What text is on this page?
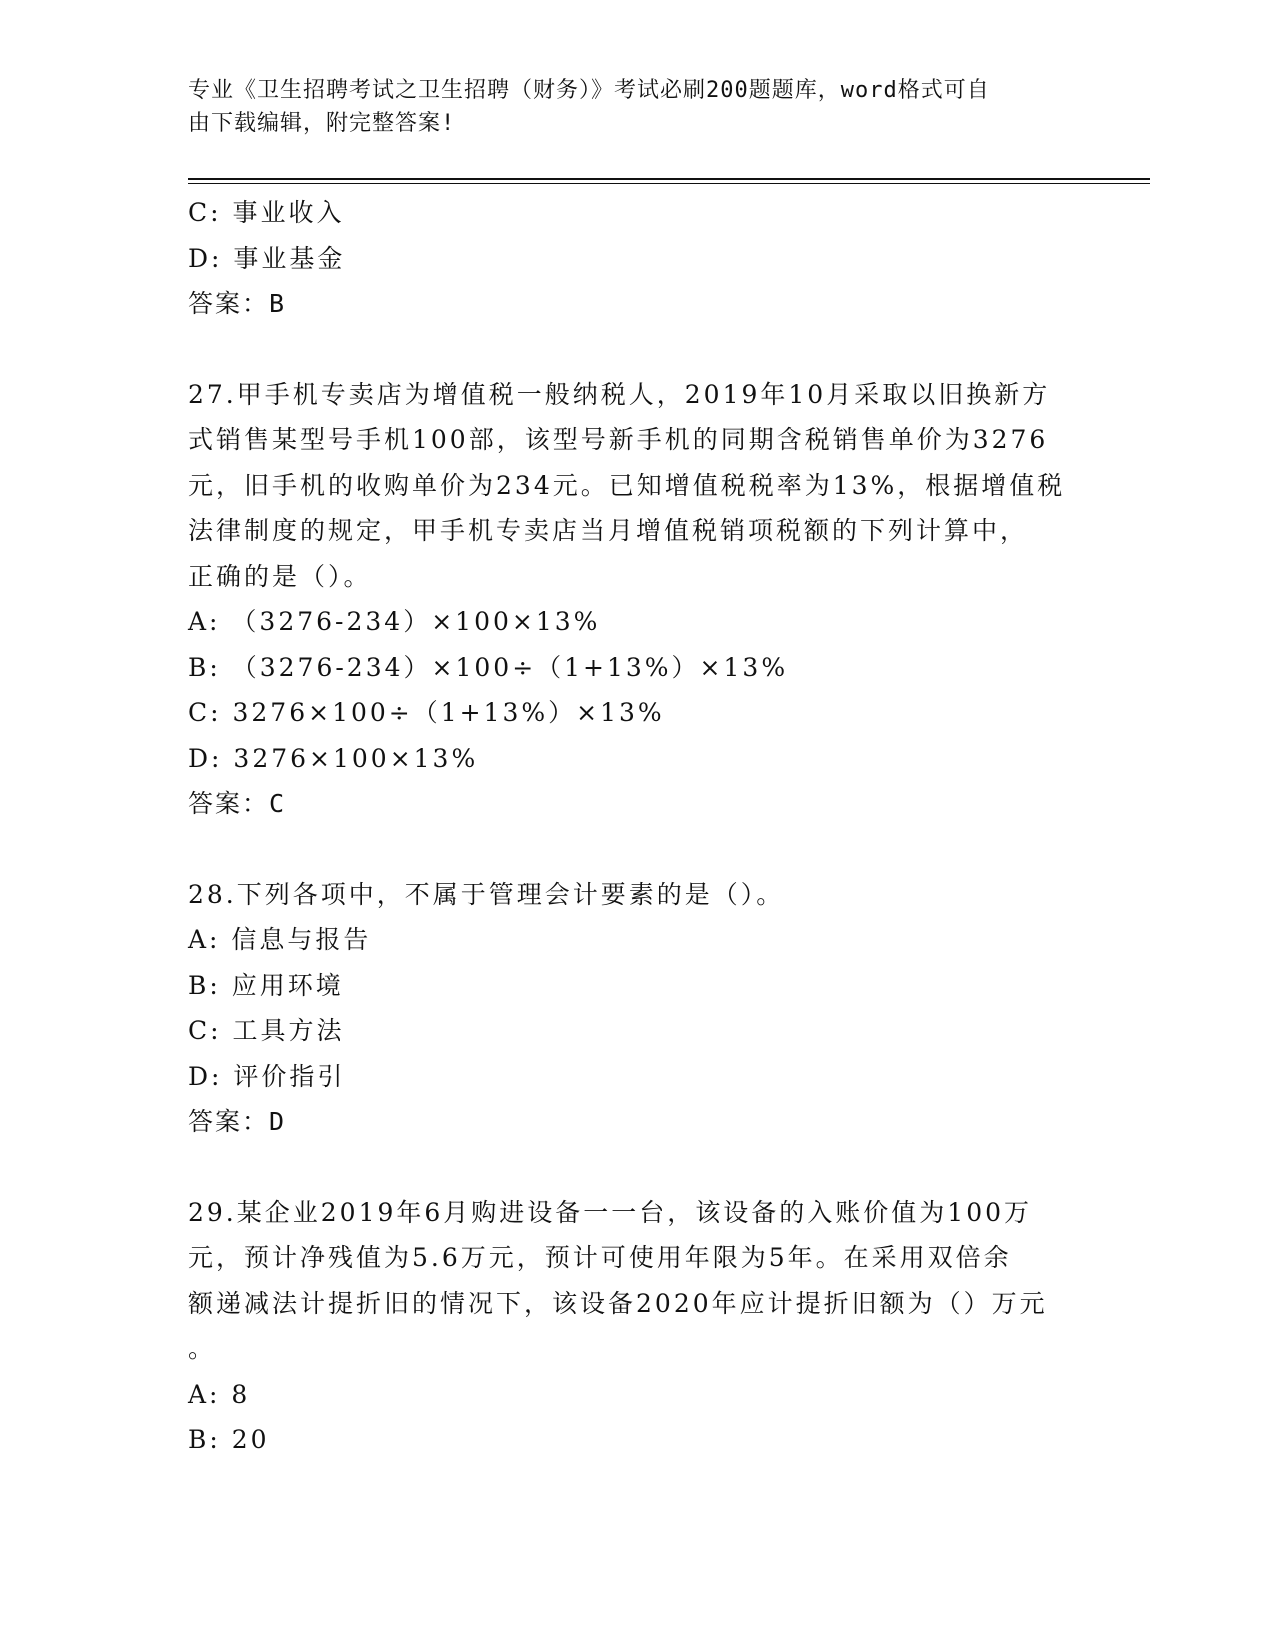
专业《卫生招聘考试之卫生招聘（财务）》考试必刷200题题库，word格式可自
由下载编辑，附完整答案!
C: 事业收入
D: 事业基金
答案：B
27.甲手机专卖店为增值税一般纳税人，2019年10月采取以旧换新方
式销售某型号手机100部，该型号新手机的同期含税销售单价为3276
元，旧手机的收购单价为234元。已知增值税税率为13%，根据增值税
法律制度的规定，甲手机专卖店当月增值税销项税额的下列计算中，
正确的是（）。
A: （3276-234）×100×13%
B: （3276-234）×100÷（1+13%）×13%
C: 3276×100÷（1+13%）×13%
D: 3276×100×13%
答案：C
28.下列各项中，不属于管理会计要素的是（）。
A: 信息与报告
B: 应用环境
C: 工具方法
D: 评价指引
答案：D
29.某企业2019年6月购进设备一一台，该设备的入账价值为100万
元，预计净残值为5.6万元，预计可使用年限为5年。在采用双倍余
额递减法计提折旧的情况下，该设备2020年应计提折旧额为（）万元
。
A: 8
B: 20
